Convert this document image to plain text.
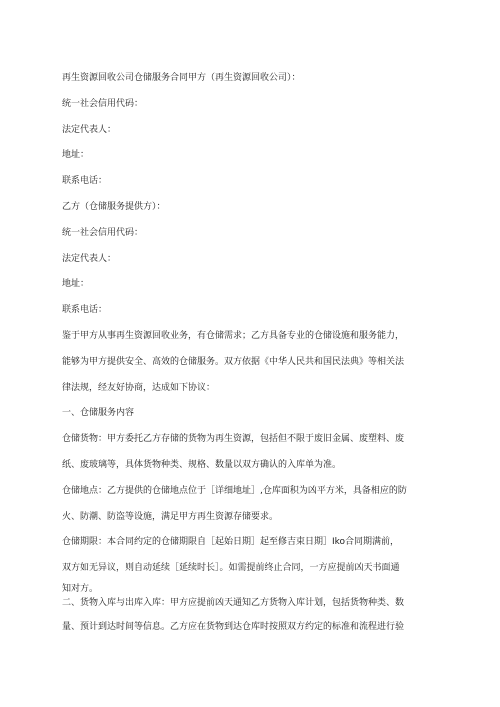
再生资源回收公司仓储服务合同甲方（再生资源回收公司）：
统一社会信用代码：
法定代表人：
地址：
联系电话：
乙方（仓储服务提供方）：
统一社会信用代码：
法定代表人：
地址：
联系电话：
鉴于甲方从事再生资源回收业务，有仓储需求；乙方具备专业的仓储设施和服务能力，
能够为甲方提供安全、高效的仓储服务。双方依据《中华人民共和国民法典》等相关法
律法规，经友好协商，达成如下协议：
一、仓储服务内容
仓储货物：甲方委托乙方存储的货物为再生资源，包括但不限于废旧金属、废塑料、废
纸、废玻璃等，具体货物种类、规格、数量以双方确认的入库单为准。
仓储地点：乙方提供的仓储地点位于［详细地址］,仓库面积为凶平方米，具备相应的防
火、防潮、防盗等设施，满足甲方再生资源存储要求。
仓储期限：本合同约定的仓储期限自［起始日期］起至修吉束日期］Iko合同期满前，
双方如无异议，则自动延续［延续时长］。如需提前终止合同，一方应提前凶天书面通
知对方。
二、货物入库与出库入库：甲方应提前凶天通知乙方货物入库计划，包括货物种类、数
量、预计到达时间等信息。乙方应在货物到达仓库时按照双方约定的标准和流程进行验
